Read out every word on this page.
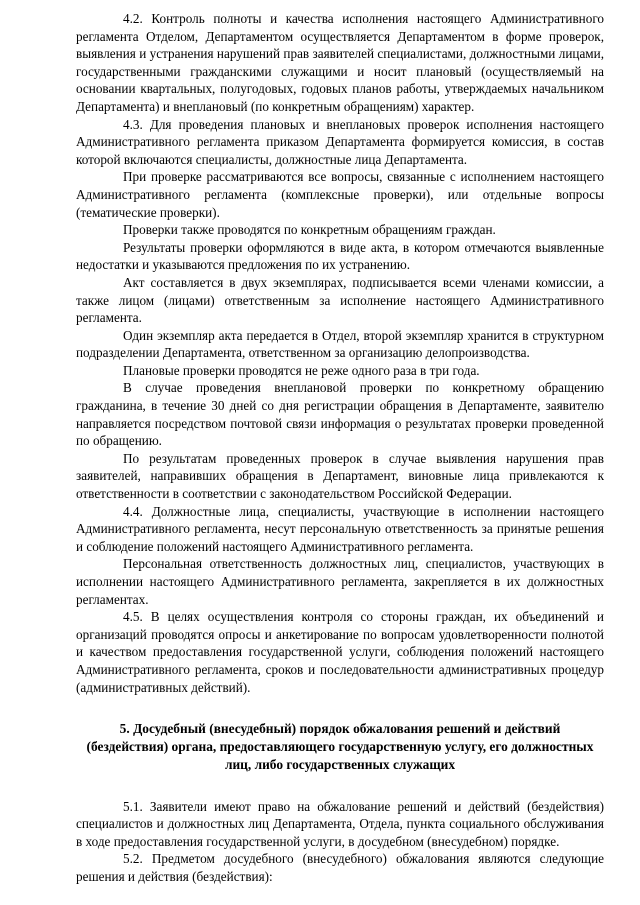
4.2. Контроль полноты и качества исполнения настоящего Административного регламента Отделом, Департаментом осуществляется Департаментом в форме проверок, выявления и устранения нарушений прав заявителей специалистами, должностными лицами, государственными гражданскими служащими и носит плановый (осуществляемый на основании квартальных, полугодовых, годовых планов работы, утверждаемых начальником Департамента) и внеплановый (по конкретным обращениям) характер.

4.3. Для проведения плановых и внеплановых проверок исполнения настоящего Административного регламента приказом Департамента формируется комиссия, в состав которой включаются специалисты, должностные лица Департамента.

При проверке рассматриваются все вопросы, связанные с исполнением настоящего Административного регламента (комплексные проверки), или отдельные вопросы (тематические проверки).

Проверки также проводятся по конкретным обращениям граждан.

Результаты проверки оформляются в виде акта, в котором отмечаются выявленные недостатки и указываются предложения по их устранению.

Акт составляется в двух экземплярах, подписывается всеми членами комиссии, а также лицом (лицами) ответственным за исполнение настоящего Административного регламента.

Один экземпляр акта передается в Отдел, второй экземпляр хранится в структурном подразделении Департамента, ответственном за организацию делопроизводства.

Плановые проверки проводятся не реже одного раза в три года.

В случае проведения внеплановой проверки по конкретному обращению гражданина, в течение 30 дней со дня регистрации обращения в Департаменте, заявителю направляется посредством почтовой связи информация о результатах проверки проведенной по обращению.

По результатам проведенных проверок в случае выявления нарушения прав заявителей, направивших обращения в Департамент, виновные лица привлекаются к ответственности в соответствии с законодательством Российской Федерации.

4.4. Должностные лица, специалисты, участвующие в исполнении настоящего Административного регламента, несут персональную ответственность за принятые решения и соблюдение положений настоящего Административного регламента.

Персональная ответственность должностных лиц, специалистов, участвующих в исполнении настоящего Административного регламента, закрепляется в их должностных регламентах.

4.5. В целях осуществления контроля со стороны граждан, их объединений и организаций проводятся опросы и анкетирование по вопросам удовлетворенности полнотой и качеством предоставления государственной услуги, соблюдения положений настоящего Административного регламента, сроков и последовательности административных процедур (административных действий).

5. Досудебный (внесудебный) порядок обжалования решений и действий (бездействия) органа, предоставляющего государственную услугу, его должностных лиц, либо государственных служащих

5.1. Заявители имеют право на обжалование решений и действий (бездействия) специалистов и должностных лиц Департамента, Отдела, пункта социального обслуживания в ходе предоставления государственной услуги, в досудебном (внесудебном) порядке.

5.2. Предметом досудебного (внесудебного) обжалования являются следующие решения и действия (бездействия):
